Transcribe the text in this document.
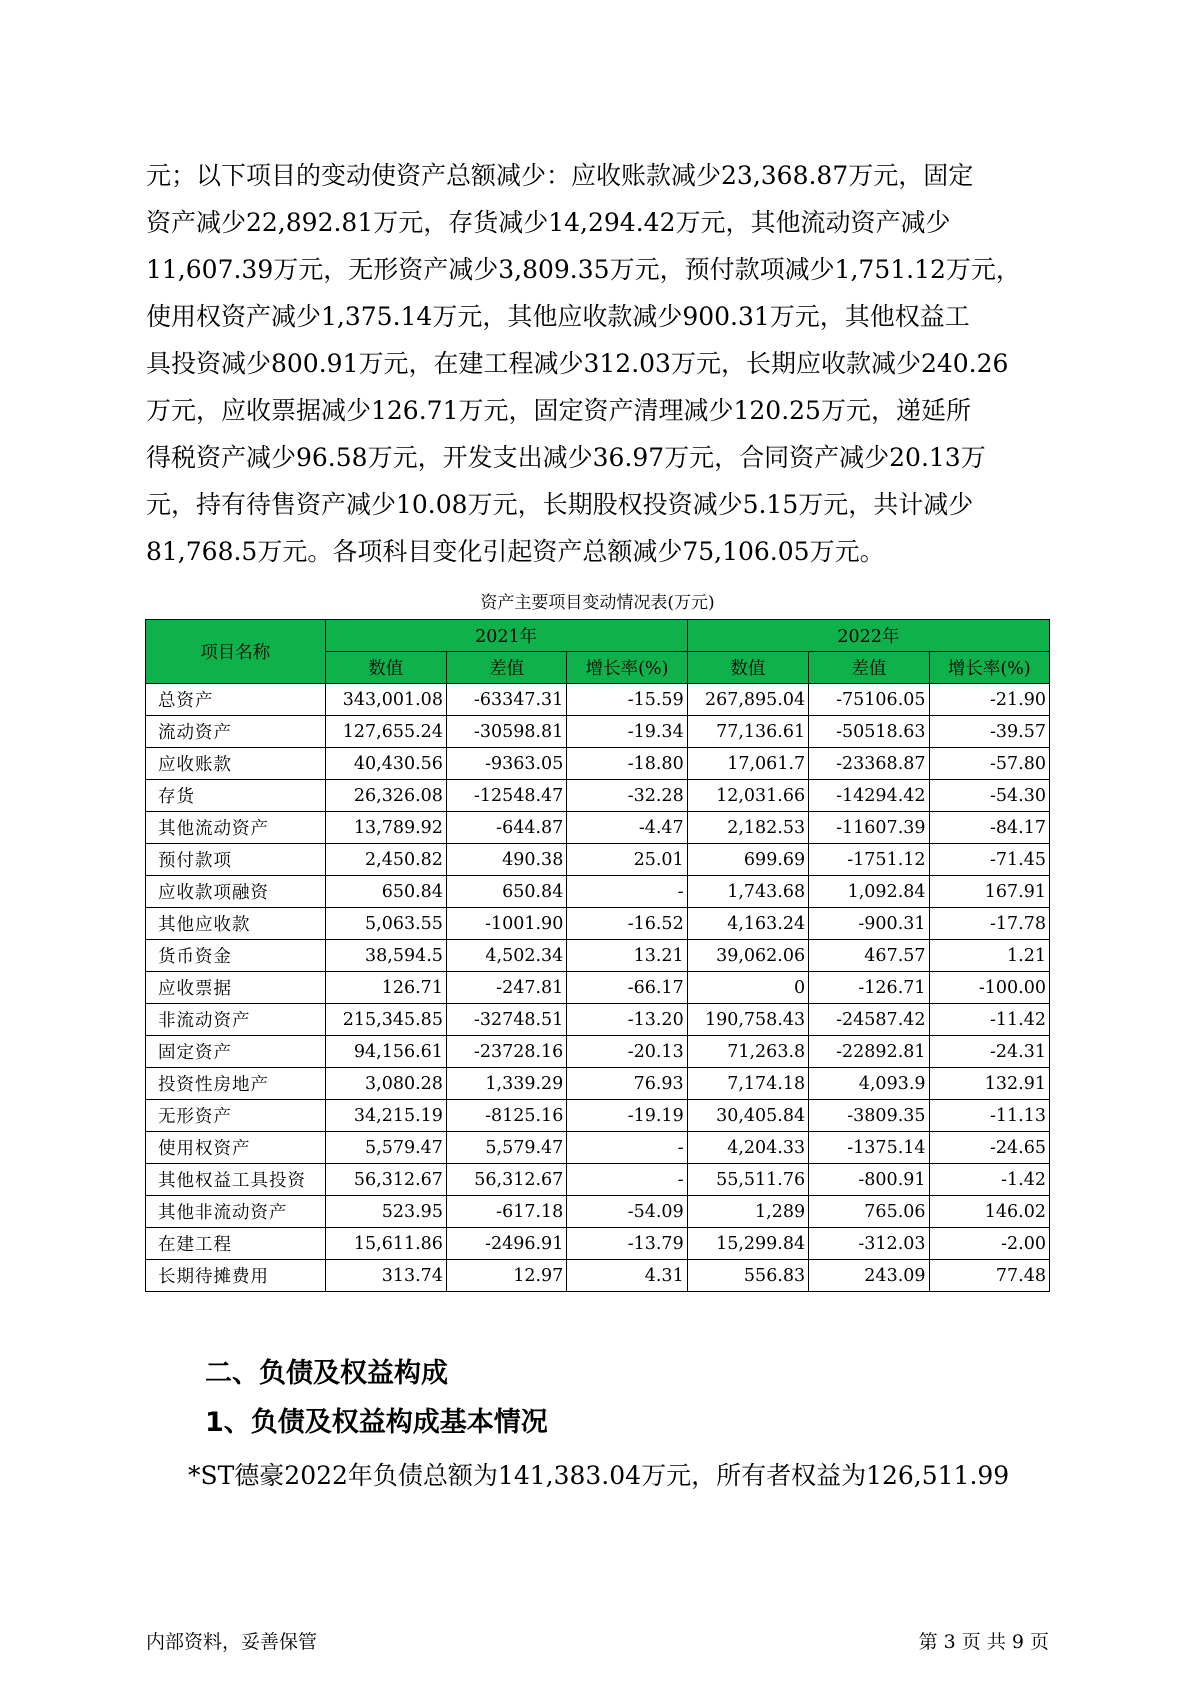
元；以下项目的变动使资产总额减少：应收账款减少23,368.87万元，固定
资产减少22,892.81万元，存货减少14,294.42万元，其他流动资产减少
11,607.39万元，无形资产减少3,809.35万元，预付款项减少1,751.12万元，
使用权资产减少1,375.14万元，其他应收款减少900.31万元，其他权益工
具投资减少800.91万元，在建工程减少312.03万元，长期应收款减少240.26
万元，应收票据减少126.71万元，固定资产清理减少120.25万元，递延所
得税资产减少96.58万元，开发支出减少36.97万元，合同资产减少20.13万
元，持有待售资产减少10.08万元，长期股权投资减少5.15万元，共计减少
81,768.5万元。各项科目变化引起资产总额减少75,106.05万元。
资产主要项目变动情况表(万元)
项目名称	2021年			2022年		
	数值	差值	增长率(%)	数值	差值	增长率(%)
总资产	343,001.08	-63347.31	-15.59	267,895.04	-75106.05	-21.90
流动资产	127,655.24	-30598.81	-19.34	77,136.61	-50518.63	-39.57
应收账款	40,430.56	-9363.05	-18.80	17,061.7	-23368.87	-57.80
存货	26,326.08	-12548.47	-32.28	12,031.66	-14294.42	-54.30
其他流动资产	13,789.92	-644.87	-4.47	2,182.53	-11607.39	-84.17
预付款项	2,450.82	490.38	25.01	699.69	-1751.12	-71.45
应收款项融资	650.84	650.84	-	1,743.68	1,092.84	167.91
其他应收款	5,063.55	-1001.90	-16.52	4,163.24	-900.31	-17.78
货币资金	38,594.5	4,502.34	13.21	39,062.06	467.57	1.21
应收票据	126.71	-247.81	-66.17	0	-126.71	-100.00
非流动资产	215,345.85	-32748.51	-13.20	190,758.43	-24587.42	-11.42
固定资产	94,156.61	-23728.16	-20.13	71,263.8	-22892.81	-24.31
投资性房地产	3,080.28	1,339.29	76.93	7,174.18	4,093.9	132.91
无形资产	34,215.19	-8125.16	-19.19	30,405.84	-3809.35	-11.13
使用权资产	5,579.47	5,579.47	-	4,204.33	-1375.14	-24.65
其他权益工具投资	56,312.67	56,312.67	-	55,511.76	-800.91	-1.42
其他非流动资产	523.95	-617.18	-54.09	1,289	765.06	146.02
在建工程	15,611.86	-2496.91	-13.79	15,299.84	-312.03	-2.00
长期待摊费用	313.74	12.97	4.31	556.83	243.09	77.48
二、负债及权益构成
1、负债及权益构成基本情况

*ST德豪2022年负债总额为141,383.04万元，所有者权益为126,511.99

内部资料，妥善保管	第 3 页 共 9 页
